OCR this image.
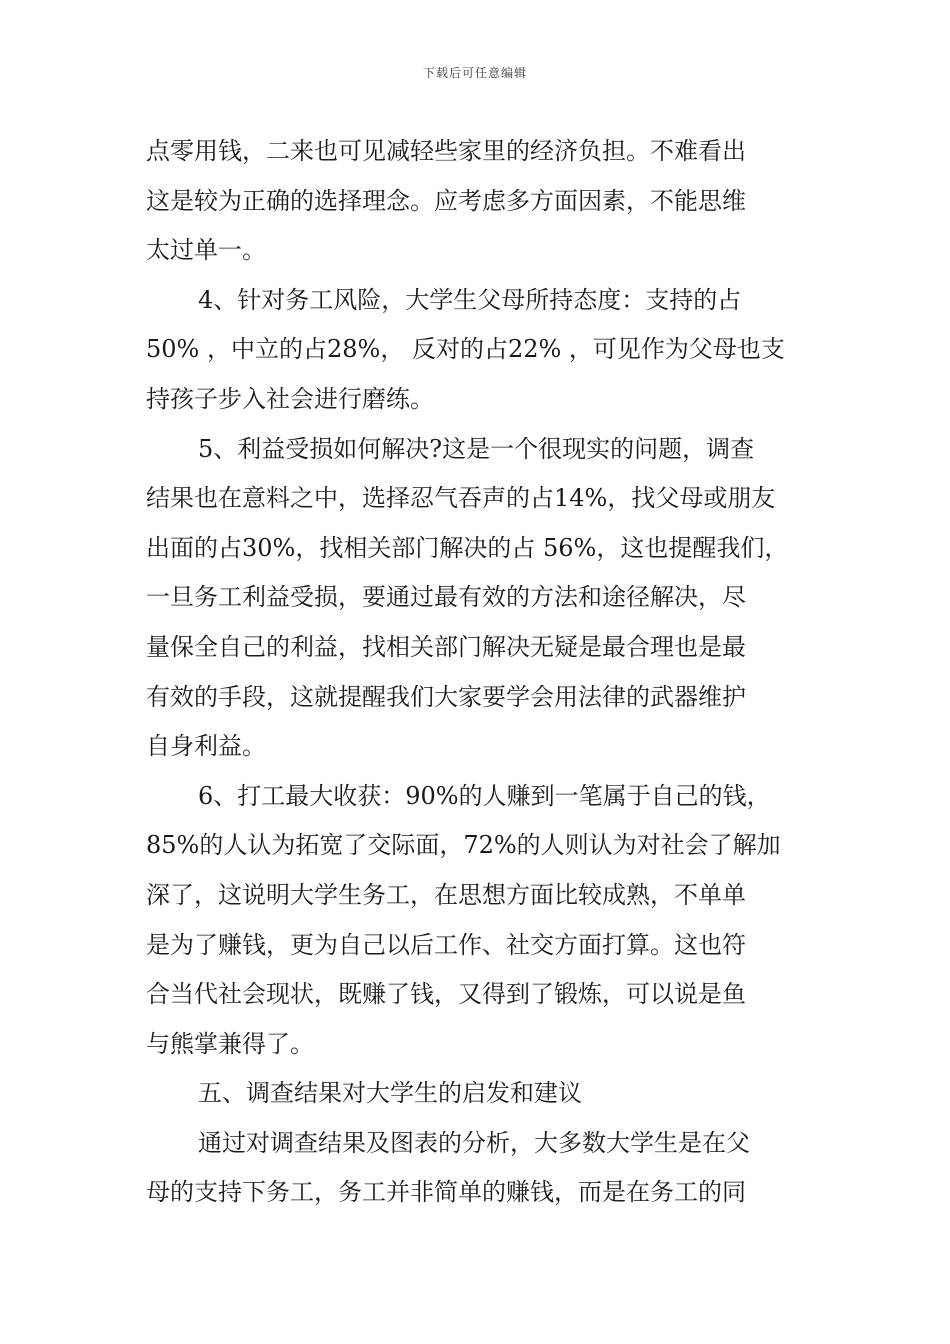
下载后可任意编辑
点零用钱，二来也可见减轻些家里的经济负担。不难看出
这是较为正确的选择理念。应考虑多方面因素，不能思维
太过单一。
4、针对务工风险，大学生父母所持态度：支持的占
50% ，中立的占28%， 反对的占22% ，可见作为父母也支
持孩子步入社会进行磨练。
5、利益受损如何解决?这是一个很现实的问题，调查
结果也在意料之中，选择忍气吞声的占14%，找父母或朋友
出面的占30%，找相关部门解决的占 56%，这也提醒我们，
一旦务工利益受损，要通过最有效的方法和途径解决，尽
量保全自己的利益，找相关部门解决无疑是最合理也是最
有效的手段，这就提醒我们大家要学会用法律的武器维护
自身利益。
6、打工最大收获：90%的人赚到一笔属于自己的钱，
85%的人认为拓宽了交际面，72%的人则认为对社会了解加
深了，这说明大学生务工，在思想方面比较成熟，不单单
是为了赚钱，更为自己以后工作、社交方面打算。这也符
合当代社会现状，既赚了钱，又得到了锻炼，可以说是鱼
与熊掌兼得了。
五、调查结果对大学生的启发和建议
通过对调查结果及图表的分析，大多数大学生是在父
母的支持下务工，务工并非简单的赚钱，而是在务工的同
